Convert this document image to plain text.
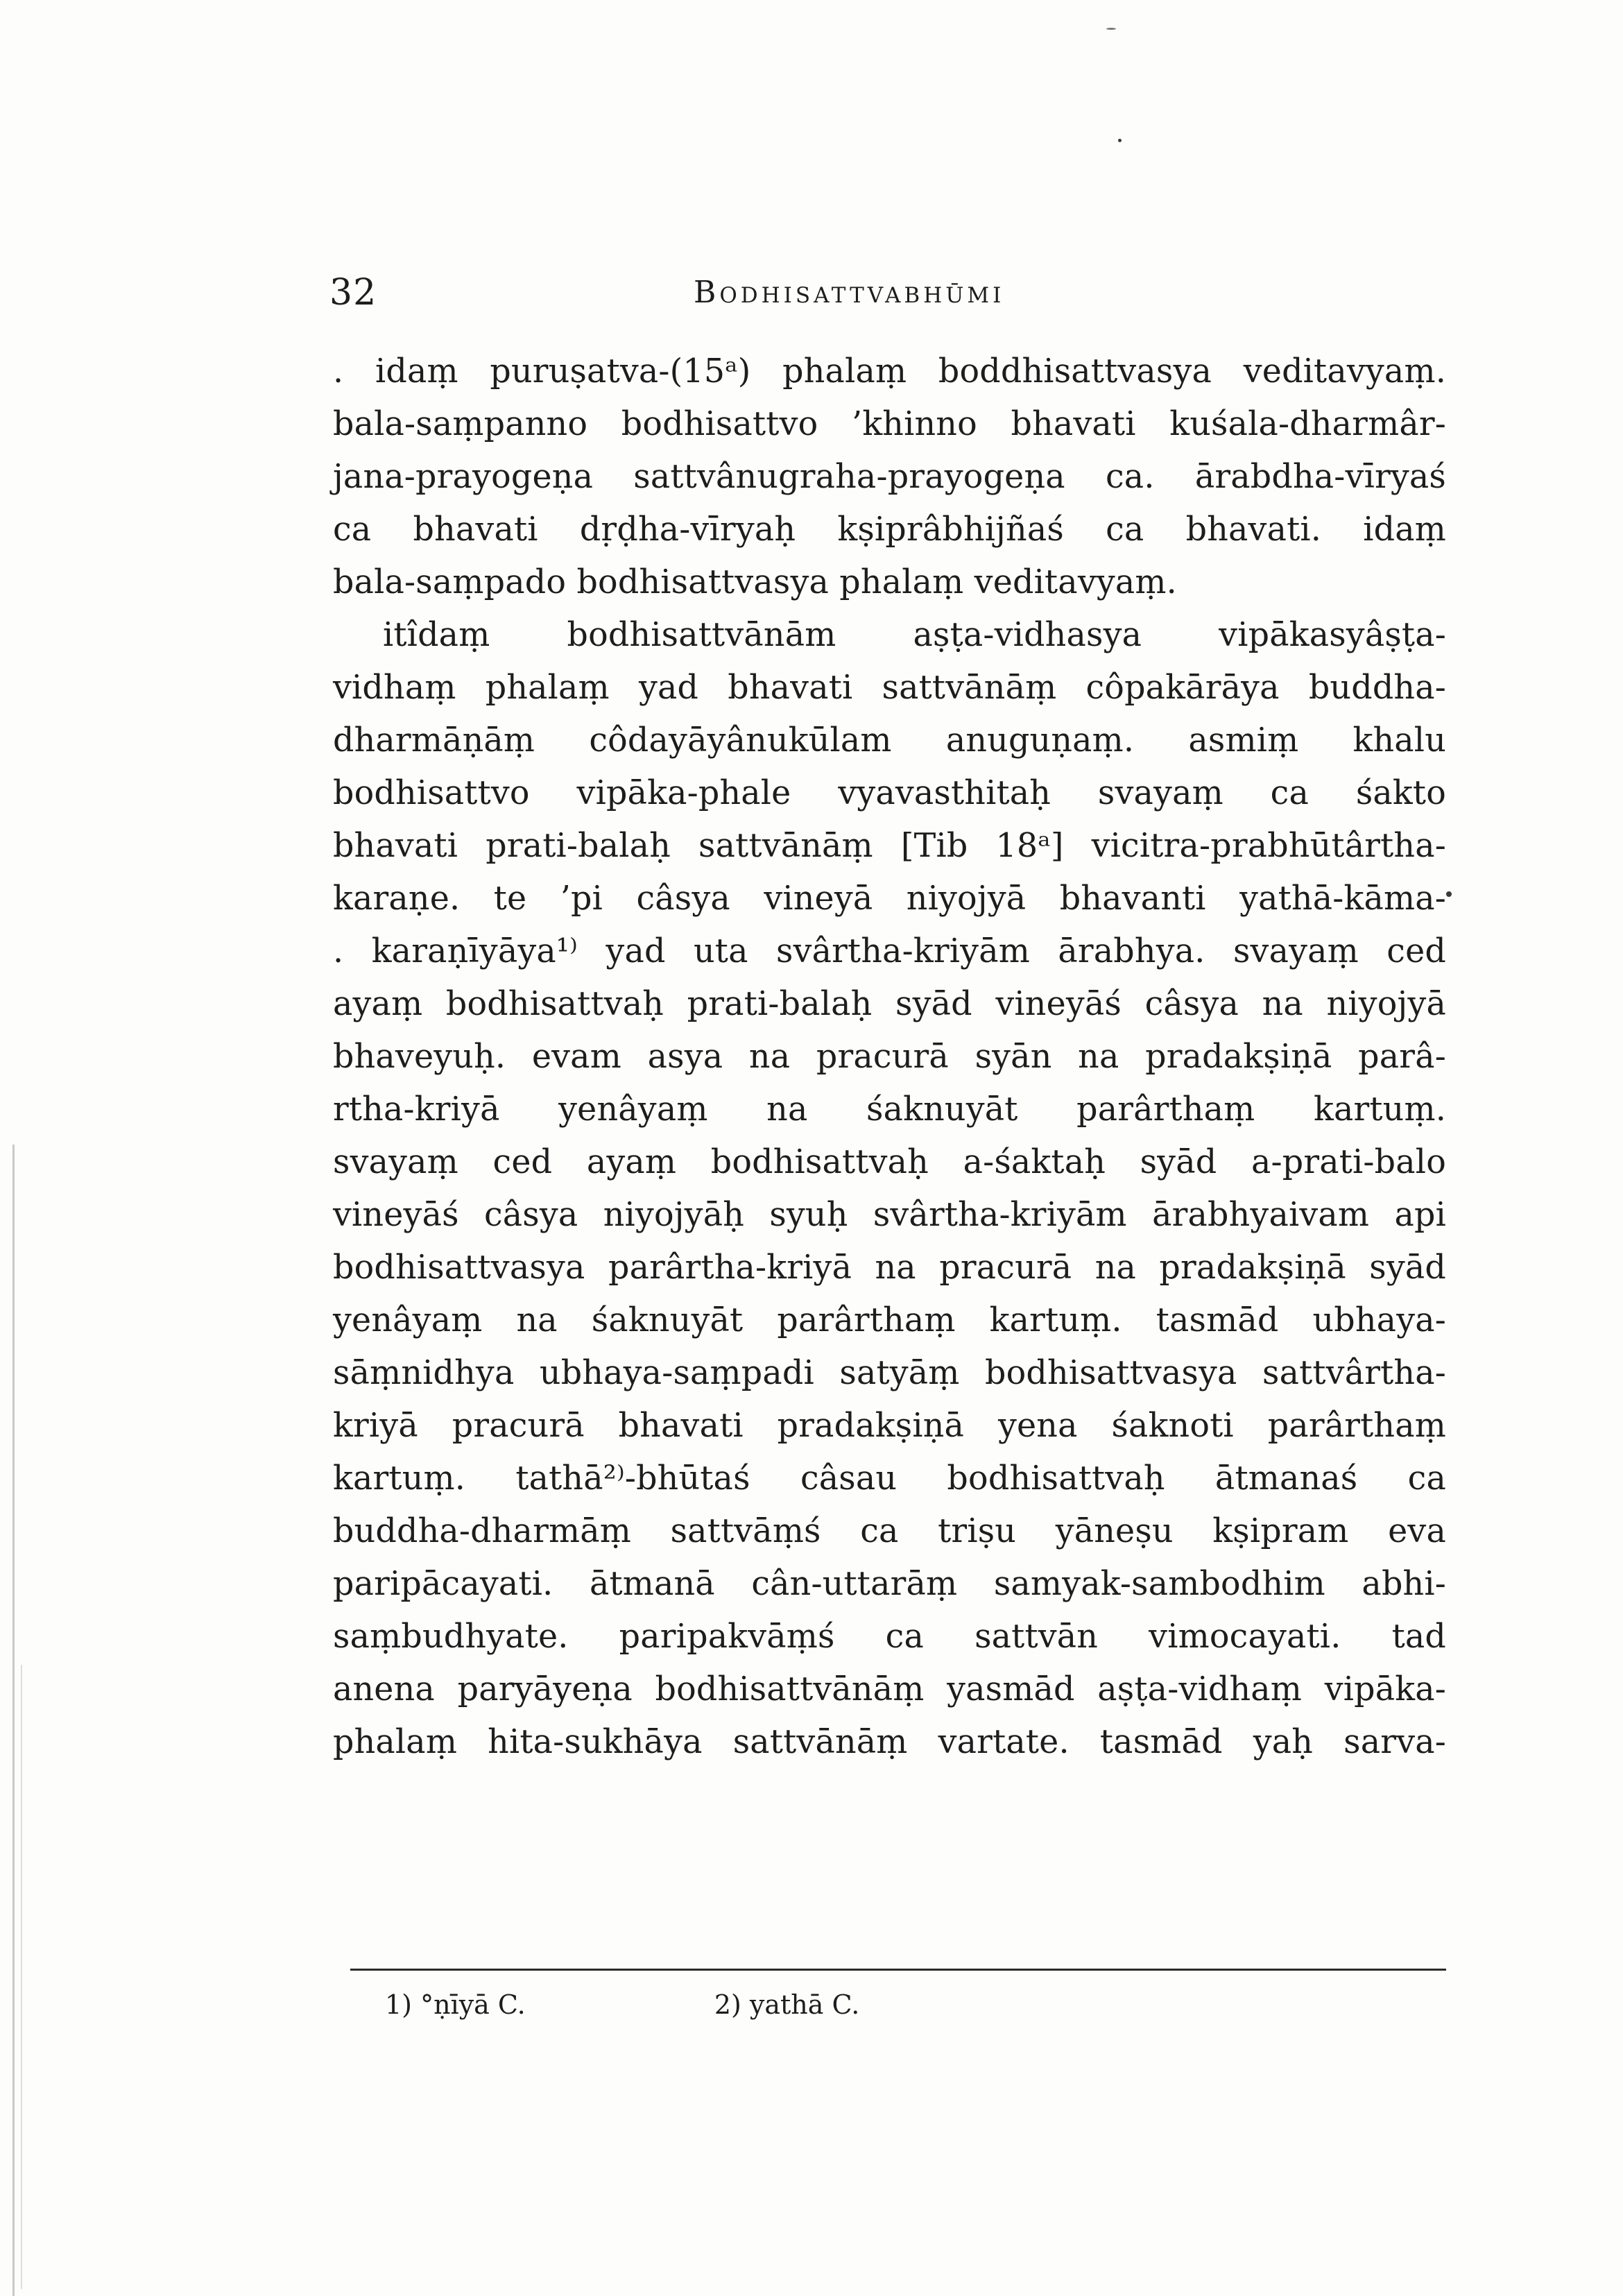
32	Bodhisattvabhūmi
. idaṃ puruṣatva-(15ᵃ) phalaṃ boddhisattvasya veditavyaṃ.
bala-saṃpanno bodhisattvo ’khinno bhavati kuśala-dharmâr-
jana-prayogeṇa sattvânugraha-prayogeṇa ca. ārabdha-vīryaś
ca bhavati dṛḍha-vīryaḥ kṣiprâbhijñaś ca bhavati. idaṃ
bala-saṃpado bodhisattvasya phalaṃ veditavyaṃ.
itîdaṃ bodhisattvānām aṣṭa-vidhasya vipākasyâṣṭa-
vidhaṃ phalaṃ yad bhavati sattvānāṃ côpakārāya buddha-
dharmāṇāṃ côdayāyânukūlam anuguṇaṃ. asmiṃ khalu
bodhisattvo vipāka-phale vyavasthitaḥ svayaṃ ca śakto
bhavati prati-balaḥ sattvānāṃ [Tib 18ᵃ] vicitra-prabhūtârtha-
karaṇe. te ’pi câsya vineyā niyojyā bhavanti yathā-kāma-
. karaṇīyāya¹⁾ yad uta svârtha-kriyām ārabhya. svayaṃ ced
ayaṃ bodhisattvaḥ prati-balaḥ syād vineyāś câsya na niyojyā
bhaveyuḥ. evam asya na pracurā syān na pradakṣiṇā parâ-
rtha-kriyā yenâyaṃ na śaknuyāt parârthaṃ kartuṃ.
svayaṃ ced ayaṃ bodhisattvaḥ a-śaktaḥ syād a-prati-balo
vineyāś câsya niyojyāḥ syuḥ svârtha-kriyām ārabhyaivam api
bodhisattvasya parârtha-kriyā na pracurā na pradakṣiṇā syād
yenâyaṃ na śaknuyāt parârthaṃ kartuṃ. tasmād ubhaya-
sāṃnidhya ubhaya-saṃpadi satyāṃ bodhisattvasya sattvârtha-
kriyā pracurā bhavati pradakṣiṇā yena śaknoti parârthaṃ
kartuṃ. tathā²⁾-bhūtaś câsau bodhisattvaḥ ātmanaś ca
buddha-dharmāṃ sattvāṃś ca triṣu yāneṣu kṣipram eva
paripācayati. ātmanā cân-uttarāṃ samyak-sambodhim abhi-
saṃbudhyate. paripakvāṃś ca sattvān vimocayati. tad
anena paryāyeṇa bodhisattvānāṃ yasmād aṣṭa-vidhaṃ vipāka-
phalaṃ hita-sukhāya sattvānāṃ vartate. tasmād yaḥ sarva-
1) °ṇīyā C.	2) yathā C.
